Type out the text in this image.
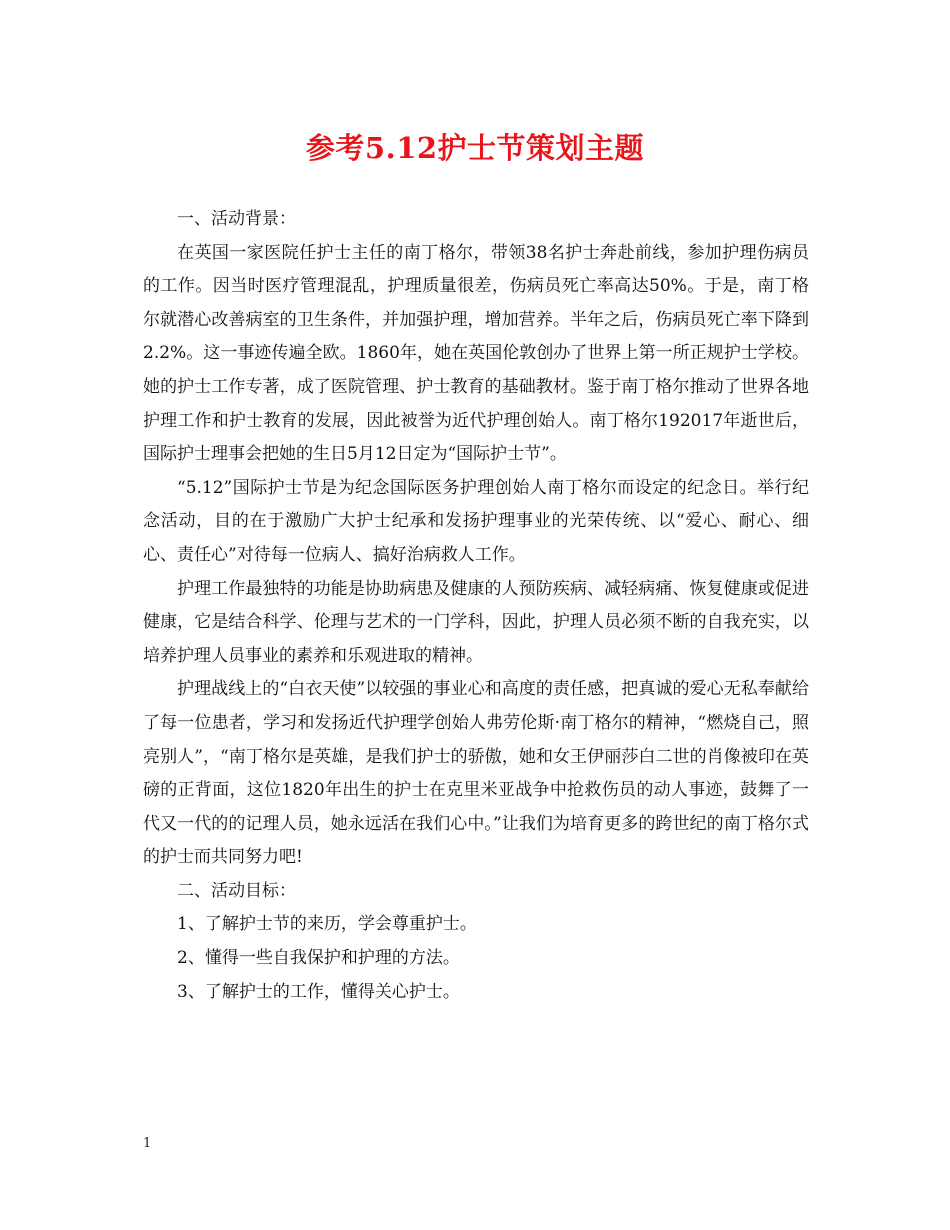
参考5.12护士节策划主题

一、活动背景：

在英国一家医院任护士主任的南丁格尔，带领38名护士奔赴前线，参加护理伤病员的工作。因当时医疗管理混乱，护理质量很差，伤病员死亡率高达50%。于是，南丁格尔就潜心改善病室的卫生条件，并加强护理，增加营养。半年之后，伤病员死亡率下降到 2.2%。这一事迹传遍全欧。1860年，她在英国伦敦创办了世界上第一所正规护士学校。她的护士工作专著，成了医院管理、护士教育的基础教材。鉴于南丁格尔推动了世界各地护理工作和护士教育的发展，因此被誉为近代护理创始人。南丁格尔192017年逝世后，国际护士理事会把她的生日5月12日定为“国际护士节”。

“5.12”国际护士节是为纪念国际医务护理创始人南丁格尔而设定的纪念日。举行纪念活动，目的在于激励广大护士纪承和发扬护理事业的光荣传统、以“爱心、耐心、细心、责任心”对待每一位病人、搞好治病救人工作。

护理工作最独特的功能是协助病患及健康的人预防疾病、减轻病痛、恢复健康或促进健康，它是结合科学、伦理与艺术的一门学科，因此，护理人员必须不断的自我充实，以培养护理人员事业的素养和乐观进取的精神。

护理战线上的“白衣天使”以较强的事业心和高度的责任感，把真诚的爱心无私奉献给了每一位患者，学习和发扬近代护理学创始人弗劳伦斯·南丁格尔的精神，“燃烧自己，照亮别人”，“南丁格尔是英雄，是我们护士的骄傲，她和女王伊丽莎白二世的肖像被印在英磅的正背面，这位1820年出生的护士在克里米亚战争中抢救伤员的动人事迹，鼓舞了一代又一代的的记理人员，她永远活在我们心中。”让我们为培育更多的跨世纪的南丁格尔式的护士而共同努力吧!

二、活动目标：

1、了解护士节的来历，学会尊重护士。

2、懂得一些自我保护和护理的方法。

3、了解护士的工作，懂得关心护士。

1
